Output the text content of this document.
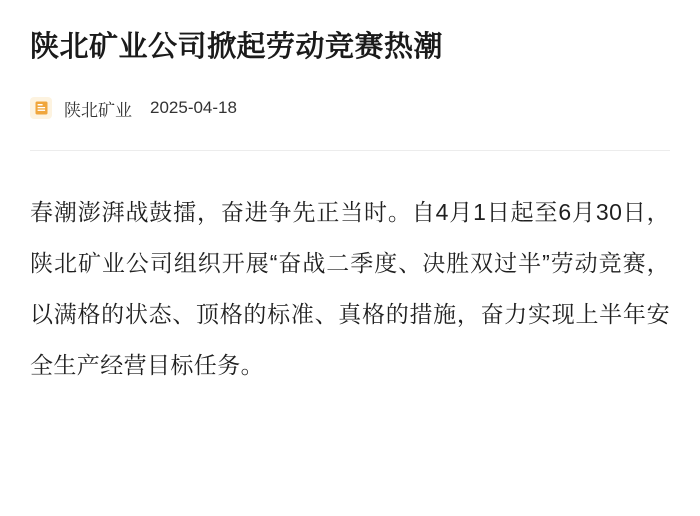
陕北矿业公司掀起劳动竞赛热潮
陕北矿业 2025-04-18

春潮澎湃战鼓擂，奋进争先正当时。自4月1日起至6月30日，陕北矿业公司组织开展“奋战二季度、决胜双过半”劳动竞赛，以满格的状态、顶格的标准、真格的措施，奋力实现上半年安全生产经营目标任务。
